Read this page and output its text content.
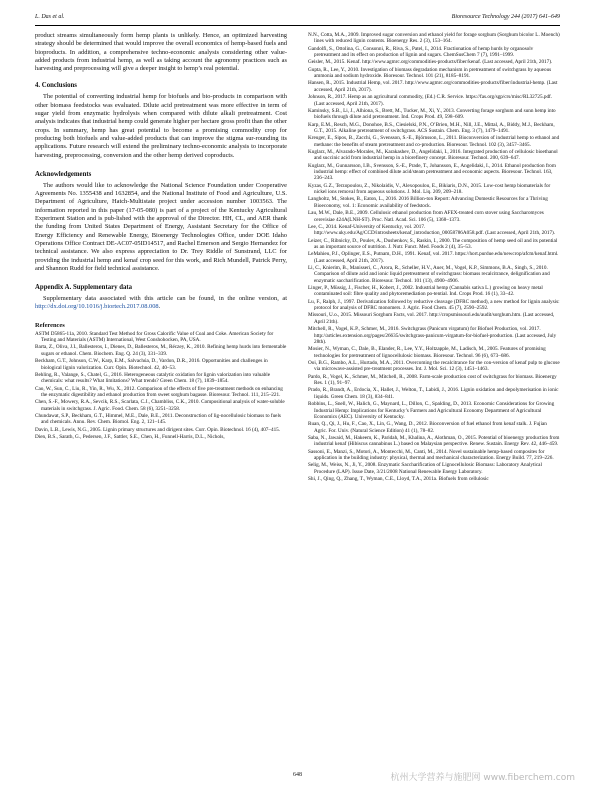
L. Das et al.	Bioresource Technology 244 (2017) 641–649

product streams simultaneously form hemp plants is unlikely. Hence, an optimized harvesting strategy should be determined that would improve the overall economics of hemp-based fuels and bioproducts. In addition, a comprehensive techno-economic analysis considering other value-added products from industrial hemp, as well as taking account the agronomy practices such as harvesting and preprocessing will give a deeper insight to hemp’s real potential.

4. Conclusions

The potential of converting industrial hemp for biofuels and bio-products in comparison with other biomass feedstocks was evaluated. Dilute acid pretreatment was more effective in term of sugar yield from enzymatic hydrolysis when compared with dilute alkali pretreatment. Cost analysis indicates that industrial hemp could generate higher per hectare gross profit than the other crops. In summary, hemp has great potential to become a promising commodity crop for producing both biofuels and value-added products that can improve the stigma sur-rounding its applications. Future research will extend the preliminary techno-economic analysis to incorporate harvesting, preprocessing, conversion and the other hemp derived coproducts.

Acknowledgements

The authors would like to acknowledge the National Science Foundation under Cooperative Agreements No. 1355438 and 1632854, and the National Institute of Food and Agriculture, U.S. Department of Agriculture, Hatch-Multistate project under accession number 1003563. The information reported in this paper (17-05-080) is part of a project of the Kentucky Agricultural Experiment Station and is pub-lished with the approval of the Director. HH, CL, and AER thank the funding from United States Department of Energy, Assistant Secretary for the Office of Energy Efficiency and Renewable Energy, Bioenergy Technologies Office, under DOE Idaho Operations Office Contract DE-AC07-05ID14517, and Rachel Emerson and Sergio Hernandez for technical assistance. We also express appreciation to Dr. Trey Riddle of Sunstrand, LLC for providing the industrial hemp and kenaf crop seed for this work, and Rich Mundell, Patrick Perry, and Shannon Rudd for field technical assistance.

Appendix A. Supplementary data

Supplementary data associated with this article can be found, in the online version, at http://dx.doi.org/10.1016/j.biortech.2017.08.008.

References
ASTM D5865-11a, 2010. Standard Test Method for Gross Calorific Value of Coal and Coke. American Society for Testing and Materials (ASTM) International, West Conshohocken, PA, USA.
Barta, Z., Oliva, J.I., Ballesteros, I., Dienes, D., Ballesteros, M., Réczey, K., 2010. Refining hemp hurds into fermentable sugars or ethanol. Chem. Biochem. Eng. Q. 24 (3), 331–339.
Beckham, G.T., Johnson, C.W., Karp, E.M., Salvachúa, D., Vardon, D.R., 2016. Opportunities and challenges in biological lignin valorization. Curr. Opin. Biotechnol. 42, 40–53.
Behling, R., Valange, S., Chatel, G., 2016. Heterogeneous catalytic oxidation for lignin valorization into valuable chemicals: what results? What limitations? What trends? Green Chem. 18 (7), 1839–1854.
Cao, W., Sun, C., Liu, R., Yin, R., Wu, X., 2012. Comparison of the effects of five pre-treatment methods on enhancing the enzymatic digestibility and ethanol production from sweet sorghum bagasse. Bioresour. Technol. 111, 215–221.
Chen, S.-F., Mowery, R.A., Sevcik, R.S., Scarlata, C.J., Chambliss, C.K., 2010. Compositional analysis of water-soluble materials in switchgrass. J. Agric. Food. Chem. 58 (6), 3251–3258.
Chundawat, S.P., Beckham, G.T., Himmel, M.E., Dale, B.E., 2011. Deconstruction of lig-nocellulosic biomass to fuels and chemicals. Annu. Rev. Chem. Biomol. Eng. 2, 121–145.
Davin, L.B., Lewis, N.G., 2005. Lignin primary structures and dirigent sites. Curr. Opin. Biotechnol. 16 (4), 407–415.
Dien, B.S., Sarath, G., Pedersen, J.F., Sattler, S.E., Chen, H., Funnell-Harris, D.L., Nichols,
N.N., Cotta, M.A., 2009. Improved sugar conversion and ethanol yield for forage sorghum (Sorghum bicolor L. Moench) lines with reduced lignin contents. Bioenergy Res. 2 (3), 153–164.
Gandolfi, S., Ottolina, G., Consonni, R., Riva, S., Patel, I., 2014. Fractionation of hemp hurds by organosolv pretreatment and its effect on production of lignin and sugars. ChemSusChem 7 (7), 1991–1999.
Geisler, M., 2015. Kenaf. http://www.agmrc.org/commodities-products/fiber/kenaf. (Last accessed, April 21th, 2017).
Gupta, R., Lee, Y., 2010. Investigation of biomass degradation mechanism in pretreatment of switchgrass by aqueous ammonia and sodium hydroxide. Bioresour. Technol. 101 (21), 8185–8191.
Hansen, R., 2015. Industrial Hemp, vol. 2017. http://www.agmrc.org/commodities-products/fiber/industrial-hemp. (Last accessed, April 21th, 2017).
Johnson, R., 2017. Hemp as an agricultural commodity, (Ed.) C.R. Service. https://fas.org/sgp/crs/misc/RL32725.pdf. (Last accessed, April 21th, 2017).
Kaminsky, S.B., Li, J., Alhiona, S., Brett, M., Tucker, M., Xi, Y., 2013. Converting forage sorghum and sunn hemp into biofuels through dilute acid pretreatment. Ind. Crops Prod. 49, 598–609.
Karp, E.M., Resch, M.G., Donohoe, B.S., Ciesielski, P.N., O’Brien, M.H., Nill, J.E., Mittal, A., Biddy, M.J., Beckham, G.T., 2015. Alkaline pretreatment of switchgrass. ACS Sustain. Chem. Eng. 3 (7), 1479–1491.
Kreuger, E., Sipos, B., Zacchi, G., Svensson, S.-E., Björnsson, L., 2011. Bioconversion of industrial hemp to ethanol and methane: the benefits of steam pretreatment and co-production. Bioresour. Technol. 102 (3), 3457–3465.
Kuglarz, M., Alvarado-Morales, M., Karakashev, D., Angelidaki, I., 2016. Integrated production of cellulosic bioethanol and succinic acid from industrial hemp in a biorefinery concept. Bioresour. Technol. 200, 639–647.
Kuglarz, M., Gunnarsson, I.B., Svensson, S.-E., Prade, T., Johansson, E., Angelidaki, I., 2014. Ethanol production from industrial hemp: effect of combined dilute acid/steam pretreatment and economic aspects. Bioresour. Technol. 163, 236–243.
Kyzas, G.Z., Terzopoulou, Z., Nikolaidis, V., Alexopoulou, E., Bikiaris, D.N., 2015. Low-cost hemp biomaterials for nickel ions removal from aqueous solutions. J. Mol. Liq. 209, 209–218.
Langholtz, M., Stokes, B., Eaton, L., 2016. 2016 Billion-ton Report: Advancing Domestic Resources for a Thriving Bioeconomy, vol. 1: Economic availability of feedstock.
Lau, M.W., Dale, B.E., 2009. Cellulosic ethanol production from AFEX-treated corn stover using Saccharomyces cerevisiae 424A(LNH-ST). Proc. Natl. Acad. Sci. 106 (5), 1368–1373.
Lee, C., 2014. Kenaf-University of Kentucky, vol. 2017. http://www.uky.edu/Ag/CCD/introsheets/kenaf_introduction_00058786A058.pdf. (Last accessed, April 21th, 2017).
Leizer, C., Ribnicky, D., Poulev, A., Dushenkov, S., Raskin, I., 2000. The composition of hemp seed oil and its potential as an important source of nutrition. J. Nutr. Funct. Med. Foods 2 (4), 35–53.
LeMahieu, P.J., Oplinger, E.S., Putnam, D.H., 1991. Kenaf, vol. 2017. https://hort.purdue.edu/newcrop/afcm/kenaf.html. (Last accessed, April 21th, 2017).
Li, C., Knierim, B., Manisseri, C., Arora, R., Scheller, H.V., Auer, M., Vogel, K.P., Simmons, B.A., Singh, S., 2010. Comparison of dilute acid and ionic liquid pretreatment of switchgrass: biomass recalcitrance, delignification and enzymatic saccharification. Bioresour. Technol. 101 (13), 4900–4906.
Linger, P., Müssig, J., Fischer, H., Kobert, J., 2002. Industrial hemp (Cannabis sativa L.) growing on heavy metal contaminated soil: fibre quality and phytoremediation po-tential. Ind. Crops Prod. 16 (1), 33–42.
Lu, F., Ralph, J., 1997. Derivatization followed by reductive cleavage (DFRC method), a new method for lignin analysis: protocol for analysis of DFRC monomers. J. Agric. Food Chem. 45 (7), 2590–2592.
Missouri, U.o., 2015. Missouri Sorghum Facts, vol. 2017. http://cropsmissouri.edu/audit/sorghum.htm. (Last accessed, April 21th).
Mitchell, R., Vogel, K.P., Schmer, M., 2016. Switchgrass (Panicum virgatum) for Biofuel Production, vol. 2017. http://articles.extension.org/pages/26635/switchgrass-panicum-virgatum-for-biofuel-production. (Last accessed, July 28th).
Mosier, N., Wyman, C., Dale, B., Elander, R., Lee, Y.Y., Holtzapple, M., Ladisch, M., 2005. Features of promising technologies for pretreatment of lignocellulosic biomass. Bioresour. Technol. 96 (6), 673–686.
Ooi, B.G., Rambo, A.L., Hurtado, M.A., 2011. Overcoming the recalcitrance for the con-version of kenaf pulp to glucose via microwave-assisted pre-treatment processes. Int. J. Mol. Sci. 12 (3), 1451–1463.
Pardo, R., Vogel, K., Schmer, M., Mitchell, R., 2008. Farm-scale production cost of switchgrass for biomass. Bioenergy Res. 1 (1), 91–97.
Prado, R., Brandt, A., Erdocia, X., Hallet, J., Welton, T., Labidi, J., 2016. Lignin oxidation and depolymerisation in ionic liquids. Green Chem. 18 (3), 834–841.
Robbins, L., Snell, W., Halich, G., Maynard, L., Dillon, C., Spalding, D., 2013. Economic Considerations for Growing Industrial Hemp: Implications for Kentucky’s Farmers and Agricultural Economy Department of Agricultural Economics (AEC). University of Kentucky.
Ruan, Q., Qi, J., Hu, F., Cao, X., Lin, G., Wang, D., 2012. Bioconversion of fuel ethanol from kenaf stalk. J. Fujian Agric. For. Univ. (Natural Science Edition) 41 (1), 78–82.
Saba, N., Jawaid, M., Hakeem, K., Paridah, M., Khalina, A., Alothman, O., 2015. Potential of bioenergy production from industrial kenaf (Hibiscus cannabinus L.) based on Malaysian perspective. Renew. Sustain. Energy Rev. 42, 446–459.
Sassoni, E., Manzi, S., Motori, A., Montecchi, M., Canti, M., 2014. Novel sustainable hemp-based composites for application in the building industry: physical, thermal and mechanical characterization. Energy Build. 77, 219–226.
Selig, M., Weiss, N., Ji, Y., 2008. Enzymatic Saccharification of Lignocellulosic Biomass: Laboratory Analytical Procedure (LAP). Issue Date, 3/21/2008 National Renewable Energy Laboratory.
Shi, J., Qing, Q., Zhang, T., Wyman, C.E., Lloyd, T.A., 2011a. Biofuels from cellulosic
648	杭州大学营养与施肥网 www.fiberchem.com
